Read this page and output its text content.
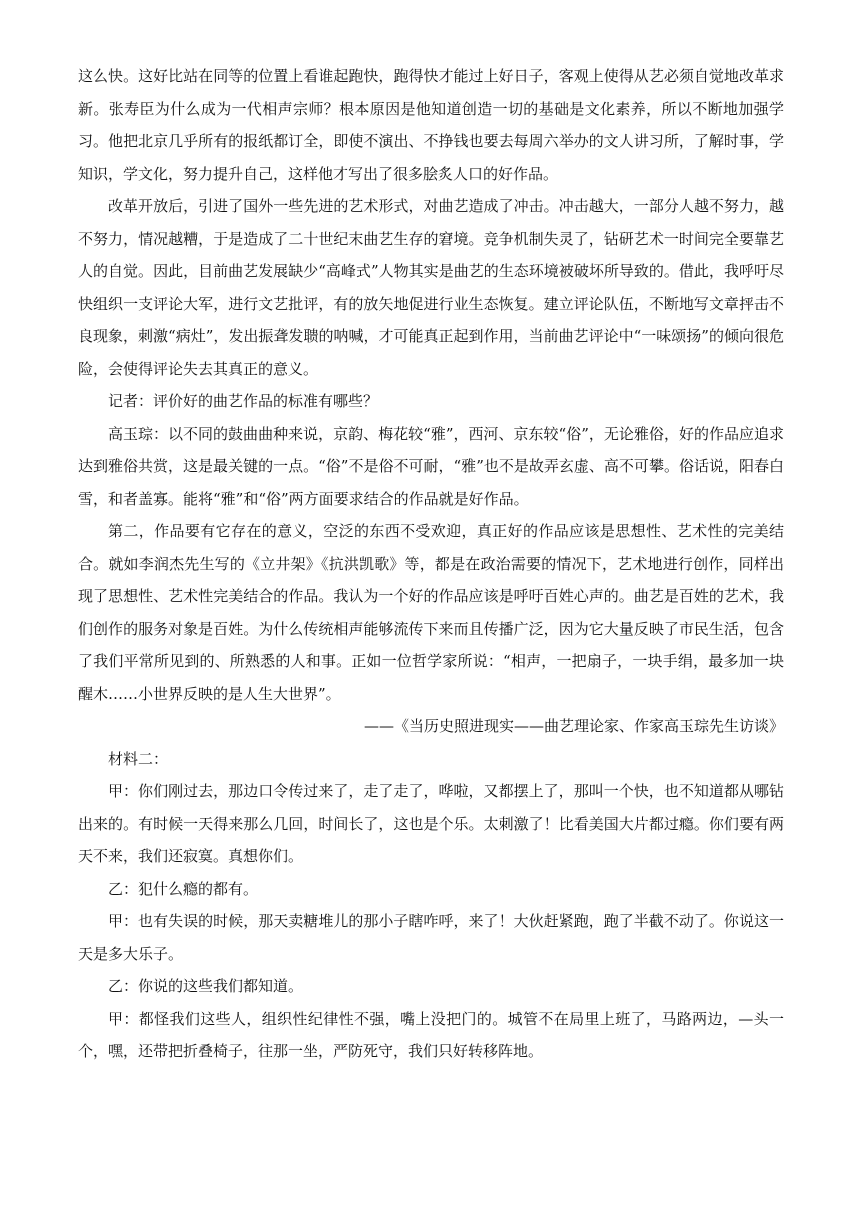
这么快。这好比站在同等的位置上看谁起跑快，跑得快才能过上好日子，客观上使得从艺必须自觉地改革求新。张寿臣为什么成为一代相声宗师？根本原因是他知道创造一切的基础是文化素养，所以不断地加强学习。他把北京几乎所有的报纸都订全，即使不演出、不挣钱也要去每周六举办的文人讲习所，了解时事，学知识，学文化，努力提升自己，这样他才写出了很多脍炙人口的好作品。

改革开放后，引进了国外一些先进的艺术形式，对曲艺造成了冲击。冲击越大，一部分人越不努力，越不努力，情况越糟，于是造成了二十世纪末曲艺生存的窘境。竞争机制失灵了，钻研艺术一时间完全要靠艺人的自觉。因此，目前曲艺发展缺少“高峰式”人物其实是曲艺的生态环境被破坏所导致的。借此，我呼吁尽快组织一支评论大军，进行文艺批评，有的放矢地促进行业生态恢复。建立评论队伍，不断地写文章抨击不良现象，刺激“病灶”，发出振聋发聩的呐喊，才可能真正起到作用，当前曲艺评论中“一味颂扬”的倾向很危险，会使得评论失去其真正的意义。

记者：评价好的曲艺作品的标准有哪些？

高玉琮：以不同的鼓曲曲种来说，京韵、梅花较“雅”，西河、京东较“俗”，无论雅俗，好的作品应追求达到雅俗共赏，这是最关键的一点。“俗”不是俗不可耐，“雅”也不是故弄玄虚、高不可攀。俗话说，阳春白雪，和者盖寡。能将“雅”和“俗”两方面要求结合的作品就是好作品。

第二，作品要有它存在的意义，空泛的东西不受欢迎，真正好的作品应该是思想性、艺术性的完美结合。就如李润杰先生写的《立井架》《抗洪凯歌》等，都是在政治需要的情况下，艺术地进行创作，同样出现了思想性、艺术性完美结合的作品。我认为一个好的作品应该是呼吁百姓心声的。曲艺是百姓的艺术，我们创作的服务对象是百姓。为什么传统相声能够流传下来而且传播广泛，因为它大量反映了市民生活，包含了我们平常所见到的、所熟悉的人和事。正如一位哲学家所说：“相声，一把扇子，一块手绢，最多加一块醒木……小世界反映的是人生大世界”。

——《当历史照进现实——曲艺理论家、作家高玉琮先生访谈》

材料二：

甲：你们刚过去，那边口令传过来了，走了走了，哗啦，又都摆上了，那叫一个快，也不知道都从哪钻出来的。有时候一天得来那么几回，时间长了，这也是个乐。太刺激了！比看美国大片都过瘾。你们要有两天不来，我们还寂寞。真想你们。

乙：犯什么瘾的都有。

甲：也有失误的时候，那天卖糖堆儿的那小子瞎咋呼，来了！大伙赶紧跑，跑了半截不动了。你说这一天是多大乐子。

乙：你说的这些我们都知道。

甲：都怪我们这些人，组织性纪律性不强，嘴上没把门的。城管不在局里上班了，马路两边，—头一个，嘿，还带把折叠椅子，往那一坐，严防死守，我们只好转移阵地。
